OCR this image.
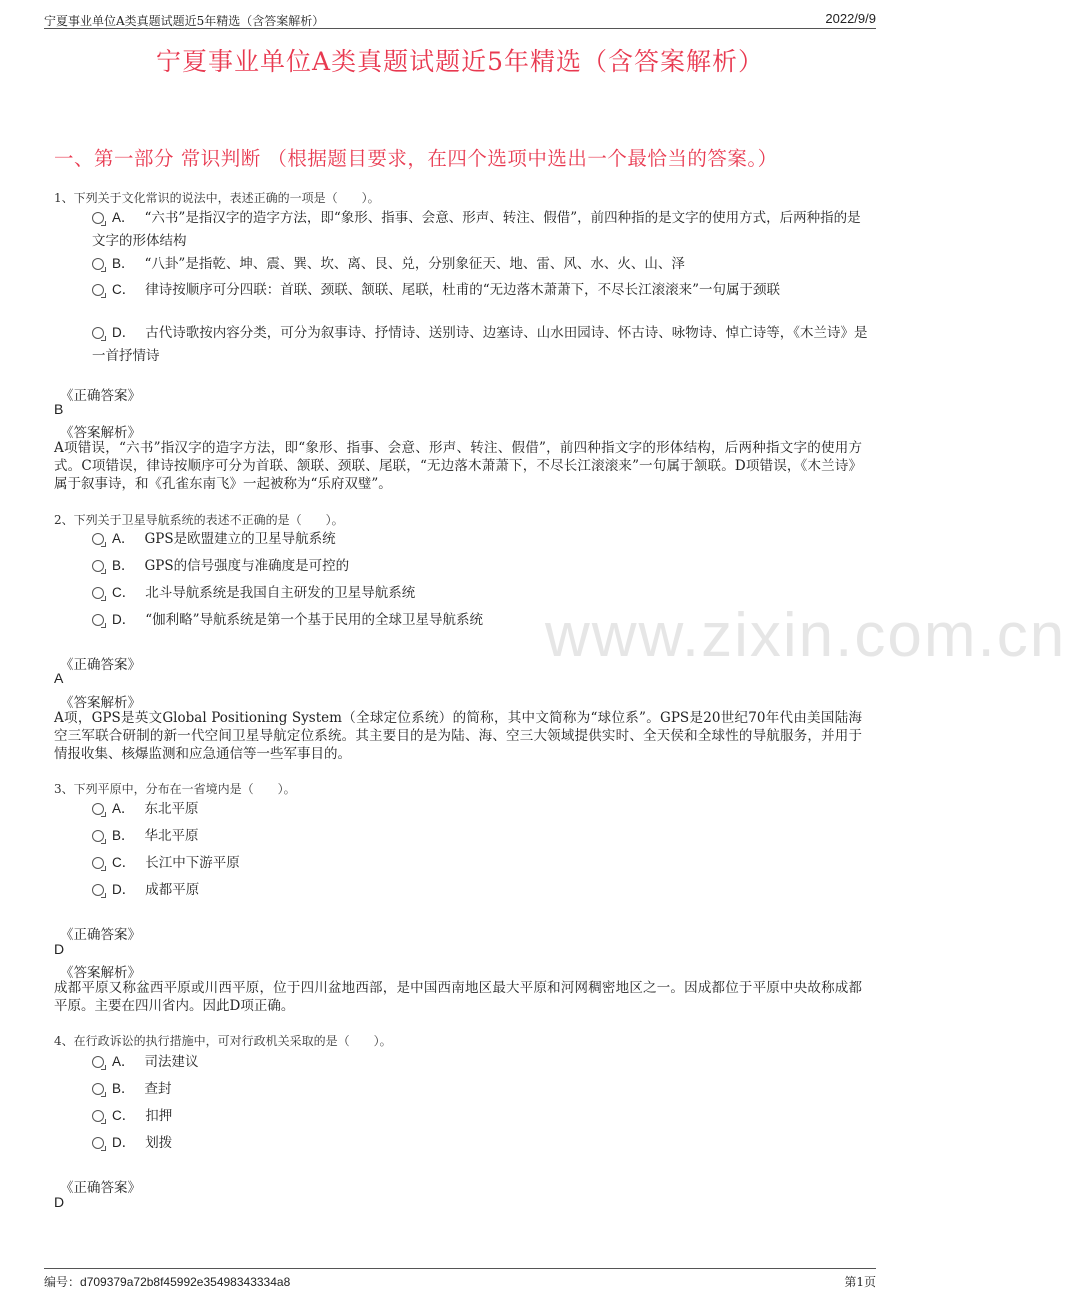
宁夏事业单位A类真题试题近5年精选（含答案解析）	2022/9/9
宁夏事业单位A类真题试题近5年精选（含答案解析）
一、第一部分 常识判断 （根据题目要求，在四个选项中选出一个最恰当的答案。）
www.zixin.com.cn
1、下列关于文化常识的说法中，表述正确的一项是（　　）。
A． “六书”是指汉字的造字方法，即“象形、指事、会意、形声、转注、假借”，前四种指的是文字的使用方式，后两种指的是文字的形体结构
B． “八卦”是指乾、坤、震、巽、坎、离、艮、兑，分别象征天、地、雷、风、水、火、山、泽
C． 律诗按顺序可分四联：首联、颈联、颔联、尾联，杜甫的“无边落木萧萧下，不尽长江滚滚来”一句属于颈联
D． 古代诗歌按内容分类，可分为叙事诗、抒情诗、送别诗、边塞诗、山水田园诗、怀古诗、咏物诗、悼亡诗等，《木兰诗》是一首抒情诗
《正确答案》
B
《答案解析》
A项错误，“六书”指汉字的造字方法，即“象形、指事、会意、形声、转注、假借”，前四种指文字的形体结构，后两种指文字的使用方式。C项错误，律诗按顺序可分为首联、颔联、颈联、尾联，“无边落木萧萧下，不尽长江滚滚来”一句属于颔联。D项错误，《木兰诗》属于叙事诗，和《孔雀东南飞》一起被称为“乐府双璧”。
2、下列关于卫星导航系统的表述不正确的是（　　）。
A． GPS是欧盟建立的卫星导航系统
B． GPS的信号强度与准确度是可控的
C． 北斗导航系统是我国自主研发的卫星导航系统
D． “伽利略”导航系统是第一个基于民用的全球卫星导航系统
《正确答案》
A
《答案解析》
A项，GPS是英文Global Positioning System（全球定位系统）的简称，其中文简称为“球位系”。GPS是20世纪70年代由美国陆海空三军联合研制的新一代空间卫星导航定位系统。其主要目的是为陆、海、空三大领域提供实时、全天侯和全球性的导航服务，并用于情报收集、核爆监测和应急通信等一些军事目的。
3、下列平原中，分布在一省境内是（　　）。
A． 东北平原
B． 华北平原
C． 长江中下游平原
D． 成都平原
《正确答案》
D
《答案解析》
成都平原又称盆西平原或川西平原，位于四川盆地西部，是中国西南地区最大平原和河网稠密地区之一。因成都位于平原中央故称成都平原。主要在四川省内。因此D项正确。
4、在行政诉讼的执行措施中，可对行政机关采取的是（　　）。
A． 司法建议
B． 查封
C． 扣押
D． 划拨
《正确答案》
D
编号：d709379a72b8f45992e35498343334a8	第1页
